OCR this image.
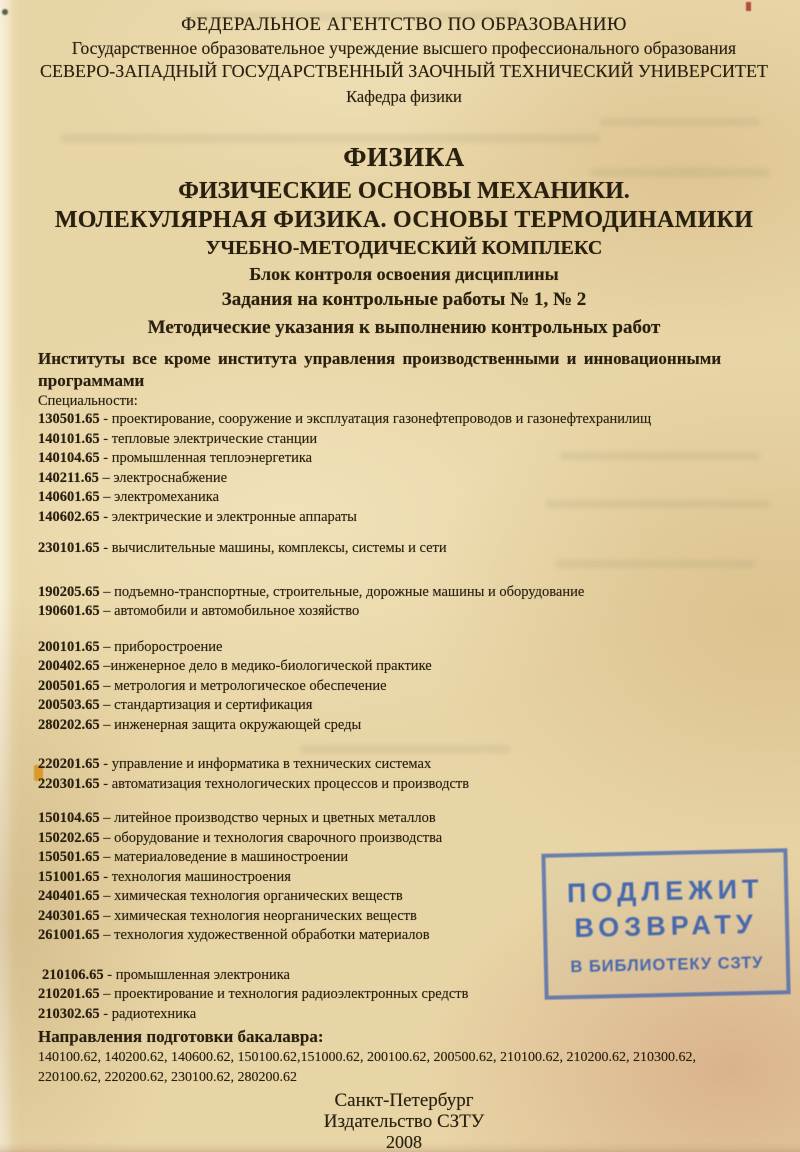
ФЕДЕРАЛЬНОЕ АГЕНТСТВО ПО ОБРАЗОВАНИЮ
Государственное образовательное учреждение высшего профессионального образования
СЕВЕРО-ЗАПАДНЫЙ ГОСУДАРСТВЕННЫЙ ЗАОЧНЫЙ ТЕХНИЧЕСКИЙ УНИВЕРСИТЕТ
Кафедра физики
ФИЗИКА
ФИЗИЧЕСКИЕ ОСНОВЫ МЕХАНИКИ.
МОЛЕКУЛЯРНАЯ ФИЗИКА. ОСНОВЫ ТЕРМОДИНАМИКИ
УЧЕБНО-МЕТОДИЧЕСКИЙ КОМПЛЕКС
Блок контроля освоения дисциплины
Задания на контрольные работы № 1, № 2
Методические указания к выполнению контрольных работ
Институты все кроме института управления производственными и инновационными программами
Специальности:
130501.65 - проектирование, сооружение и эксплуатация газонефтепроводов и газонефтехранилищ
140101.65 - тепловые электрические станции
140104.65 - промышленная теплоэнергетика
140211.65 – электроснабжение
140601.65 – электромеханика
140602.65 - электрические и электронные аппараты
230101.65 - вычислительные машины, комплексы, системы и сети
190205.65 – подъемно-транспортные, строительные, дорожные машины и оборудование
190601.65 – автомобили и автомобильное хозяйство
200101.65 – приборостроение
200402.65 –инженерное дело в медико-биологической практике
200501.65 – метрология и метрологическое обеспечение
200503.65 – стандартизация и сертификация
280202.65 – инженерная защита окружающей среды
220201.65 - управление и информатика в технических системах
220301.65 - автоматизация технологических процессов и производств
150104.65 – литейное производство черных и цветных металлов
150202.65 – оборудование и технология сварочного производства
150501.65 – материаловедение в машиностроении
151001.65 - технология машиностроения
240401.65 – химическая технология органических веществ
240301.65 – химическая технология неорганических веществ
261001.65 – технология художественной обработки материалов
210106.65 - промышленная электроника
210201.65 – проектирование и технология радиоэлектронных средств
210302.65 - радиотехника
Направления подготовки бакалавра:
140100.62, 140200.62, 140600.62, 150100.62,151000.62, 200100.62, 200500.62, 210100.62, 210200.62, 210300.62,
220100.62, 220200.62, 230100.62, 280200.62
Санкт-Петербург
Издательство СЗТУ
2008
ПОДЛЕЖИТ
ВОЗВРАТУ
В БИБЛИОТЕКУ СЗТУ
